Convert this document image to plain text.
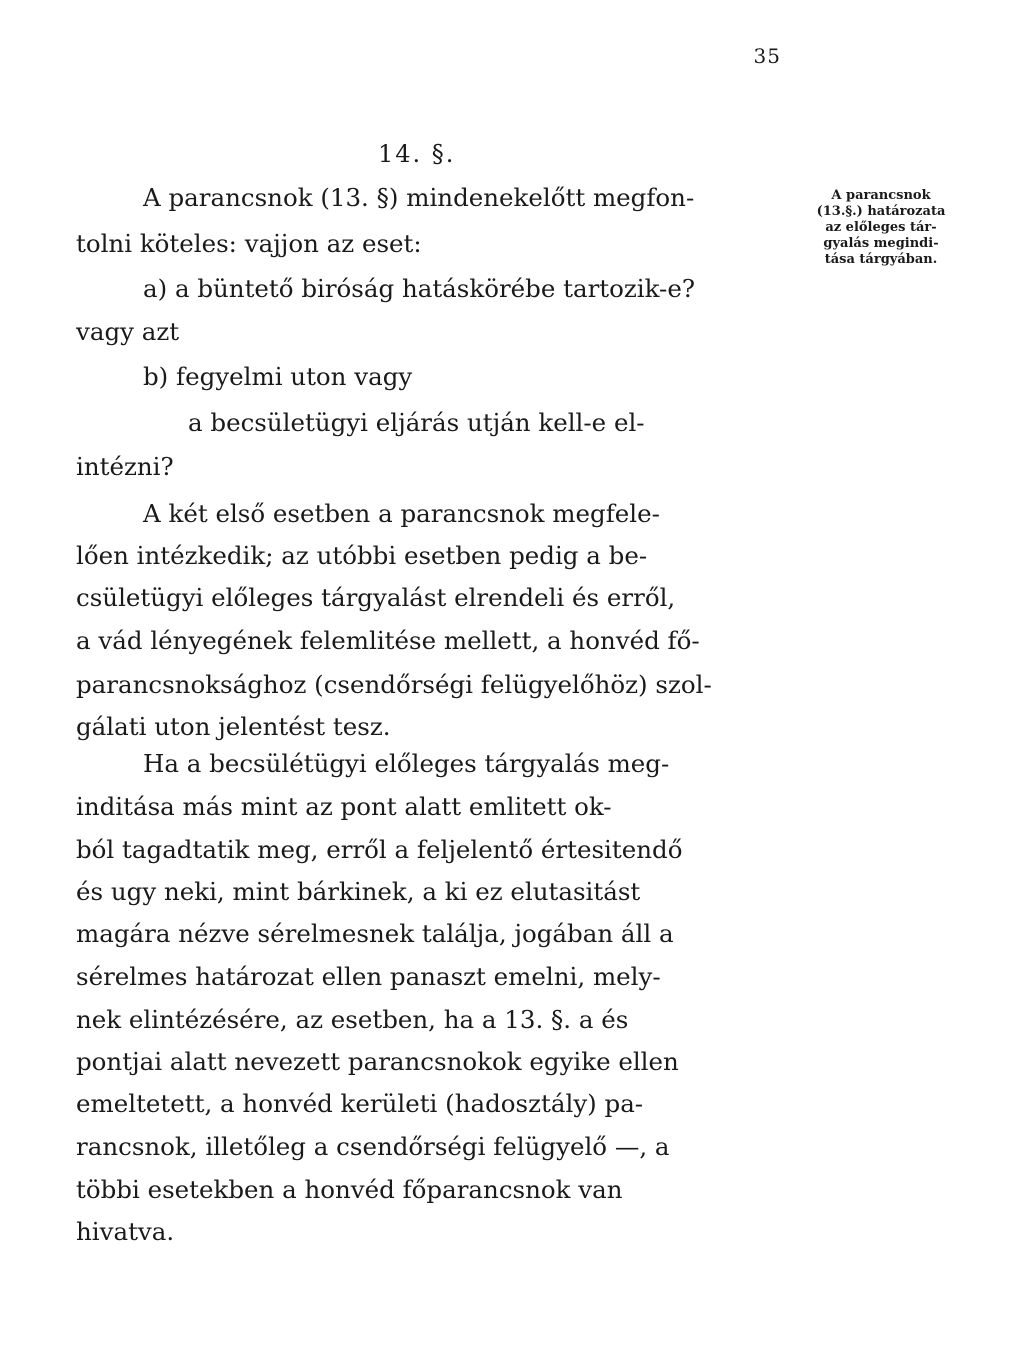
35
14. §.
A parancsnok
(13.§.) határozata
az előleges tár-
gyalás megindi-
tása tárgyában.
A parancsnok (13. §) mindenekelőtt megfon-
tolni köteles: vajjon az eset:
a) a büntető biróság hatáskörébe tartozik-e?
vagy azt
b) fegyelmi uton vagy
a becsületügyi eljárás utján kell-e el-
intézni?
A két első esetben a parancsnok megfele-
lően intézkedik; az utóbbi esetben pedig a be-
csületügyi előleges tárgyalást elrendeli és erről,
a vád lényegének felemlitése mellett, a honvéd fő-
parancsnoksághoz (csendőrségi felügyelőhöz) szol-
gálati uton jelentést tesz.
Ha a becsülétügyi előleges tárgyalás meg-
inditása más mint az pont alatt emlitett ok-
ból tagadtatik meg, erről a feljelentő értesitendő
és ugy neki, mint bárkinek, a ki ez elutasitást
magára nézve sérelmesnek találja, jogában áll a
sérelmes határozat ellen panaszt emelni, mely-
nek elintézésére, az esetben, ha a 13. §. a és
pontjai alatt nevezett parancsnokok egyike ellen
emeltetett, a honvéd kerületi (hadosztály) pa-
rancsnok, illetőleg a csendőrségi felügyelő —, a
többi esetekben a honvéd főparancsnok van
hivatva.
